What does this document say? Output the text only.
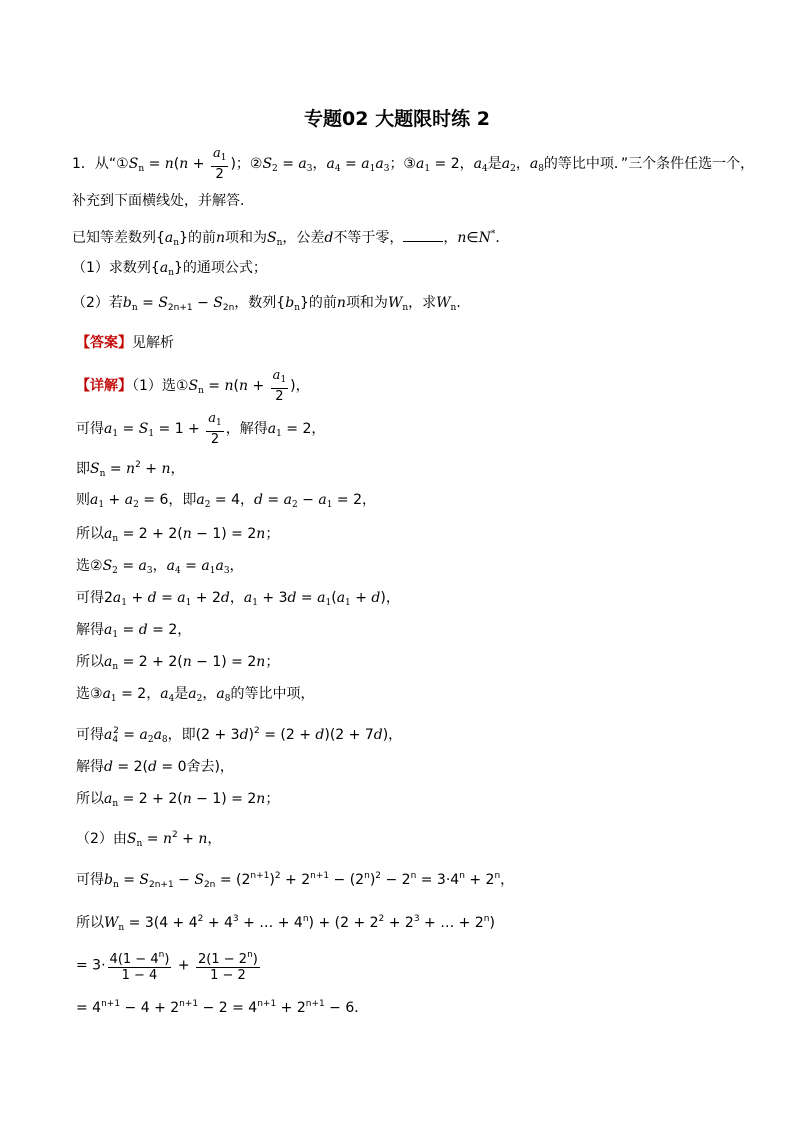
专题02 大题限时练 2
1．从“$①S_n = n(n + \frac{a_1}{2}$ )；$②S_2 = a_3$，$a_4 = a_1a_3$；$③a_1 = 2$，$a_4$是$a_2$，$a_8$的等比中项．”三个条件任选一个，
补充到下面横线处，并解答．
已知等差数列$\{a_n\}$的前n项和为$S_n$，公差d不等于零，	，n∈N*．
（1）求数列$\{a_n\}$的通项公式；
（2）若$b_n = S_{2n+1} - S_{2n}$，数列$\{b_n\}$的前n项和为$W_n$，求$W_n$．
【答案】见解析
【详解】（1）选$①S_n = n(n + \frac{a_1}{2}$ )，
可得$a_1 = S_1 = 1 + \frac{a_1}{2}$ ，解得$a_1 = 2$，
即$S_n = n^2 + n$，
则$a_1 + a_2 = 6$，即$a_2 = 4$，$d = a_2 - a_1 = 2$，
所以$a_n = 2 + 2(n - 1) = 2n$；
选$②S_2 = a_3$，$a_4 = a_1a_3$，
可得$2a_1 + d = a_1 + 2d$，$a_1 + 3d = a_1(a_1 + d)$，
解得$a_1 = d = 2$，
所以$a_n = 2 + 2(n - 1) = 2n$；
选$③a_1 = 2$，$a_4$是$a_2$，$a_8$的等比中项，
可得$a_4^2 = a_2a_8$，即$(2 + 3d)^2 = (2 + d)(2 + 7d)$，
解得d = 2(d = 0舍去)，
所以$a_n = 2 + 2(n - 1) = 2n$；
（2）由$S_n = n^2 + n$，
可得$b_n = S_{2n+1} - S_{2n} = (2^{n+1})^2 + 2^{n+1} - (2^n)^2 - 2^n = 3\cdot 4^n + 2^n$，
所以$W_n = 3(4 + 4^2 + 4^3$ + … + $4^n) + (2 + 2^2 + 2^3$ + … + $2^n$)
= $3\cdot \frac{4(1 - 4^n)}{1 - 4} + \frac{2(1 - 2^n)}{1 - 2}$
= $4^{n+1} - 4 + 2^{n+1} - 2 = 4^{n+1} + 2^{n+1} - 6$．
